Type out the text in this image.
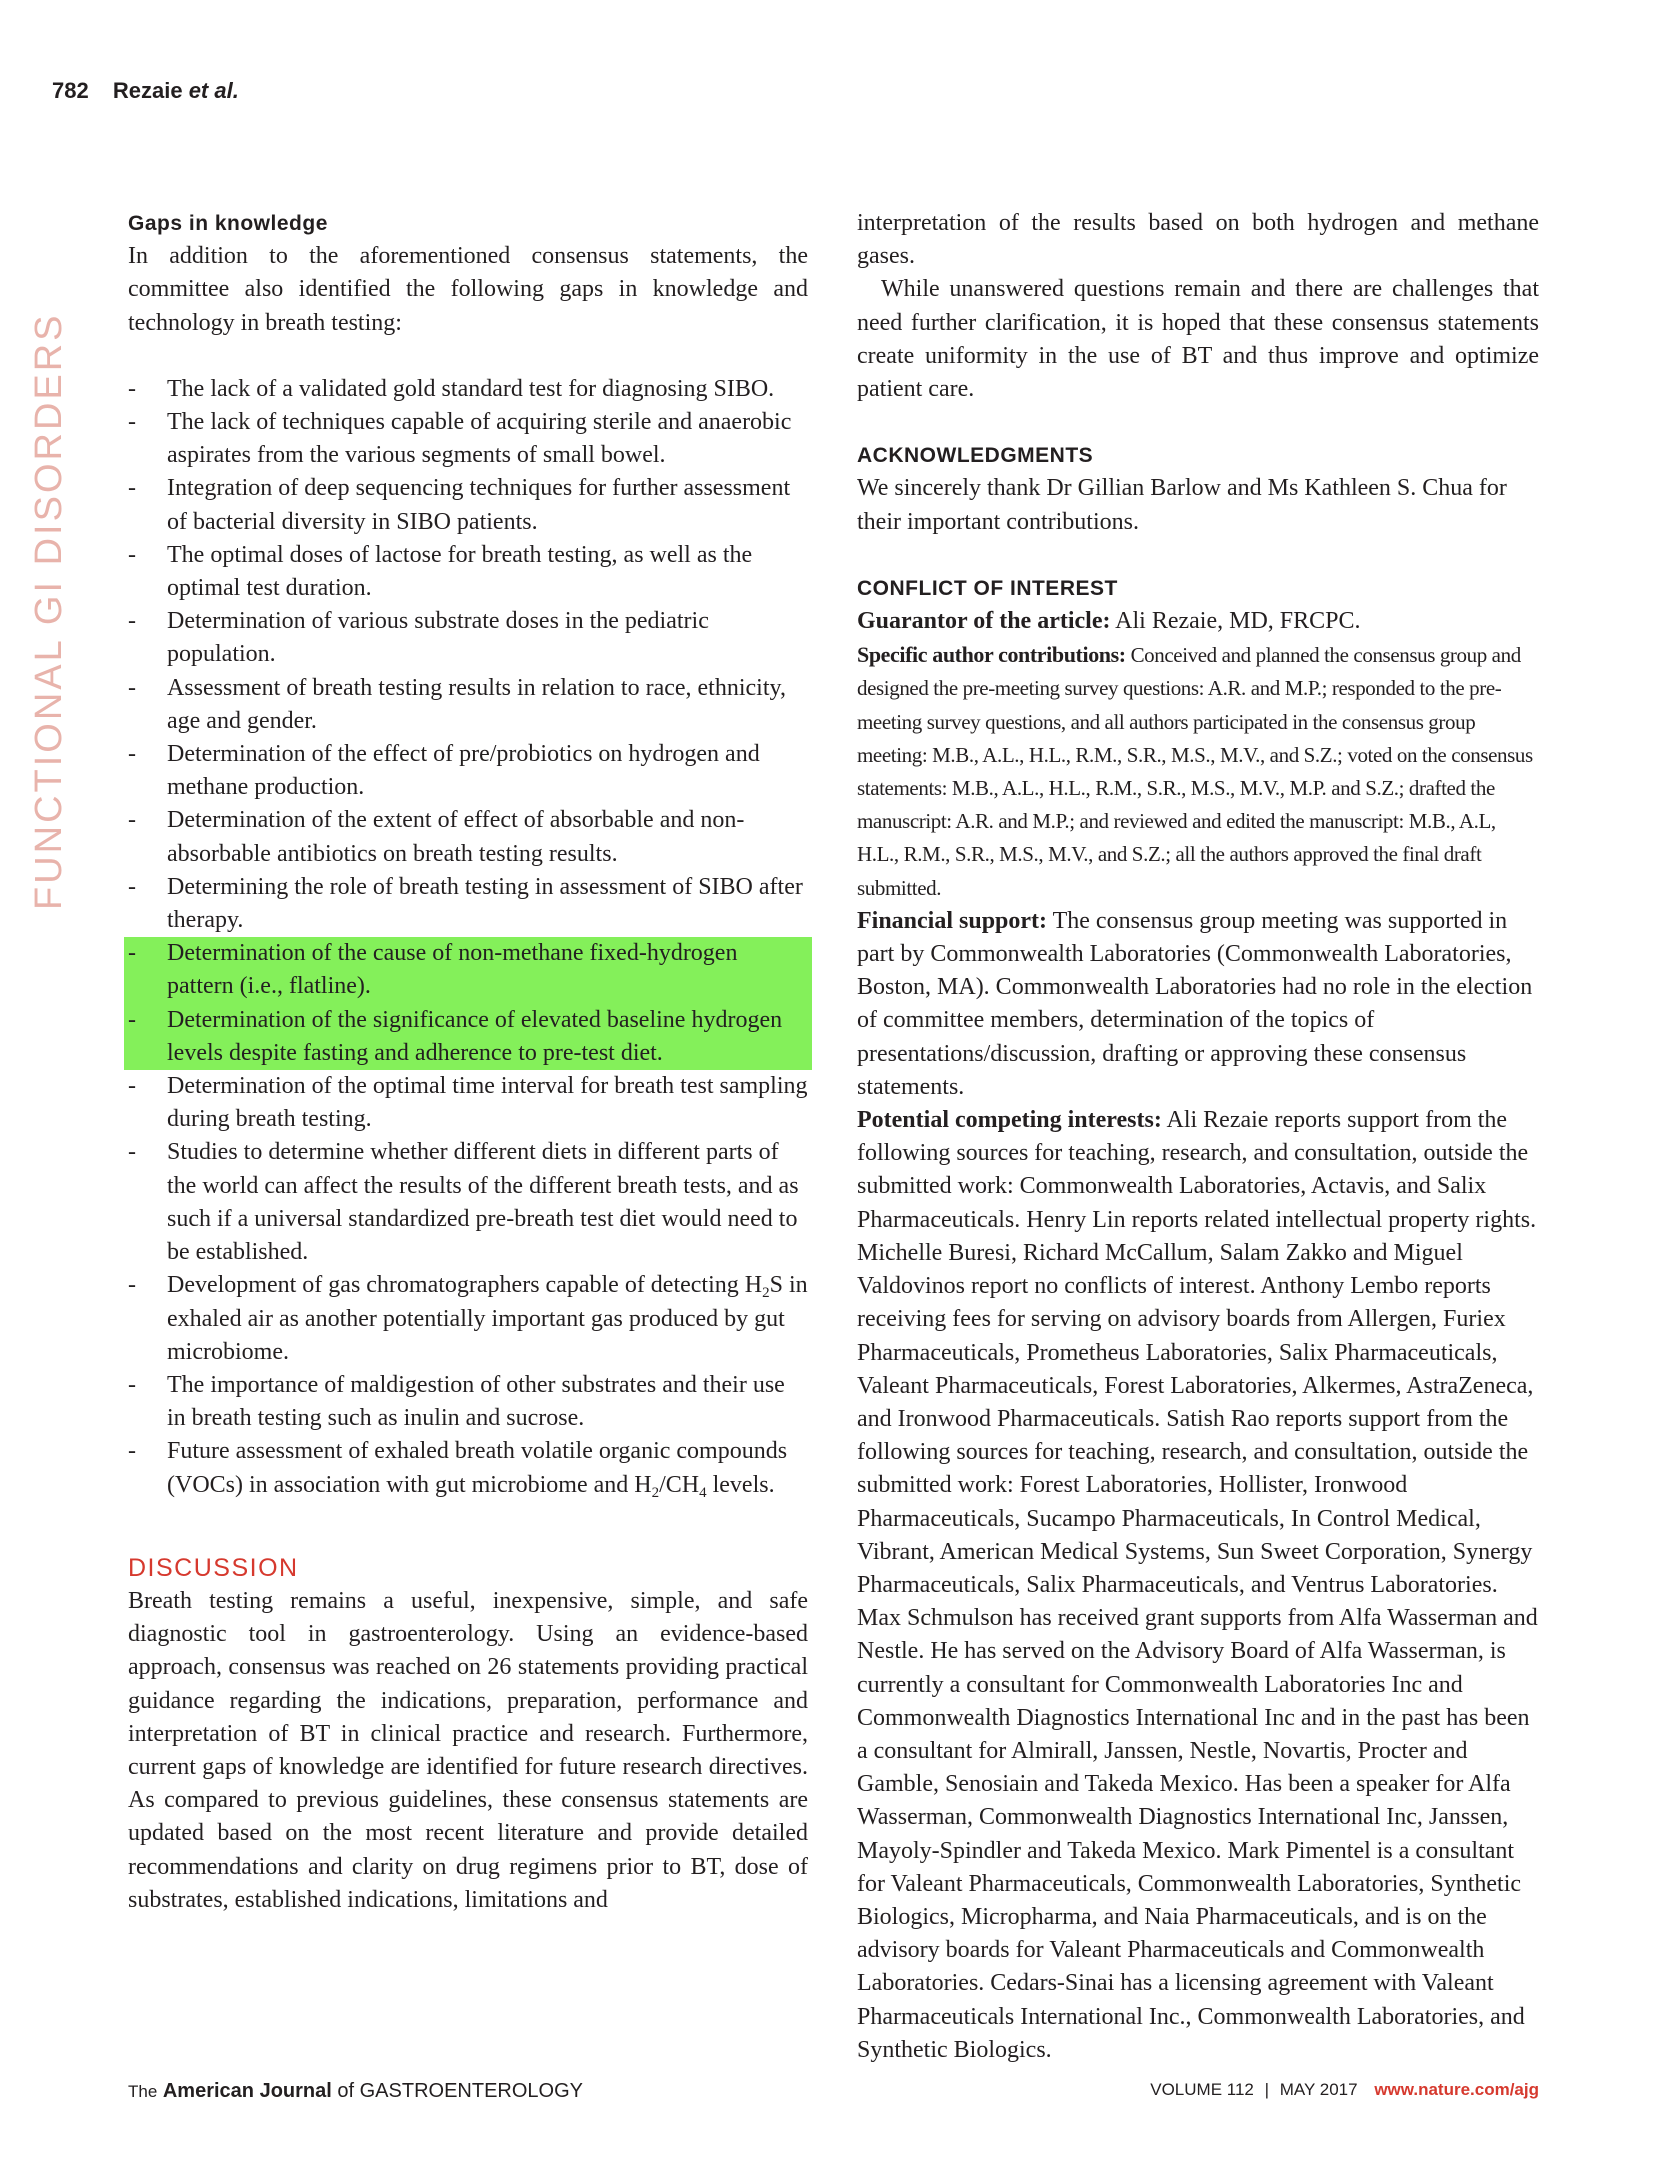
782 Rezaie et al.
FUNCTIONAL GI DISORDERS
Gaps in knowledge

In addition to the aforementioned consensus statements, the committee also identified the following gaps in knowledge and technology in breath testing:

- The lack of a validated gold standard test for diagnosing SIBO.
- The lack of techniques capable of acquiring sterile and anaerobic aspirates from the various segments of small bowel.
- Integration of deep sequencing techniques for further assessment of bacterial diversity in SIBO patients.
- The optimal doses of lactose for breath testing, as well as the optimal test duration.
- Determination of various substrate doses in the pediatric population.
- Assessment of breath testing results in relation to race, ethnicity, age and gender.
- Determination of the effect of pre/probiotics on hydrogen and methane production.
- Determination of the extent of effect of absorbable and non-absorbable antibiotics on breath testing results.
- Determining the role of breath testing in assessment of SIBO after therapy.
- Determination of the cause of non-methane fixed-hydrogen pattern (i.e., flatline).
- Determination of the significance of elevated baseline hydrogen levels despite fasting and adherence to pre-test diet.
- Determination of the optimal time interval for breath test sampling during breath testing.
- Studies to determine whether different diets in different parts of the world can affect the results of the different breath tests, and as such if a universal standardized pre-breath test diet would need to be established.
- Development of gas chromatographers capable of detecting $H_2S$ in exhaled air as another potentially important gas produced by gut microbiome.
- The importance of maldigestion of other substrates and their use in breath testing such as inulin and sucrose.
- Future assessment of exhaled breath volatile organic compounds (VOCs) in association with gut microbiome and $H_2/CH_4$ levels.
DISCUSSION

Breath testing remains a useful, inexpensive, simple, and safe diagnostic tool in gastroenterology. Using an evidence-based approach, consensus was reached on 26 statements providing practical guidance regarding the indications, preparation, performance and interpretation of BT in clinical practice and research. Furthermore, current gaps of knowledge are identified for future research directives. As compared to previous guidelines, these consensus statements are updated based on the most recent literature and provide detailed recommendations and clarity on drug regimens prior to BT, dose of substrates, established indications, limitations and

interpretation of the results based on both hydrogen and methane gases.

While unanswered questions remain and there are challenges that need further clarification, it is hoped that these consensus statements create uniformity in the use of BT and thus improve and optimize patient care.

ACKNOWLEDGMENTS

We sincerely thank Dr Gillian Barlow and Ms Kathleen S. Chua for their important contributions.

CONFLICT OF INTEREST

Guarantor of the article: Ali Rezaie, MD, FRCPC.

Specific author contributions: Conceived and planned the consensus group and designed the pre-meeting survey questions: A.R. and M.P.; responded to the pre-meeting survey questions, and all authors participated in the consensus group meeting: M.B., A.L., H.L., R.M., S.R., M.S., M.V., and S.Z.; voted on the consensus statements: M.B., A.L., H.L., R.M., S.R., M.S., M.V., M.P. and S.Z.; drafted the manuscript: A.R. and M.P.; and reviewed and edited the manuscript: M.B., A.L, H.L., R.M., S.R., M.S., M.V., and S.Z.; all the authors approved the final draft submitted.

Financial support: The consensus group meeting was supported in part by Commonwealth Laboratories (Commonwealth Laboratories, Boston, MA). Commonwealth Laboratories had no role in the election of committee members, determination of the topics of presentations/discussion, drafting or approving these consensus statements.

Potential competing interests: Ali Rezaie reports support from the following sources for teaching, research, and consultation, outside the submitted work: Commonwealth Laboratories, Actavis, and Salix Pharmaceuticals. Henry Lin reports related intellectual property rights. Michelle Buresi, Richard McCallum, Salam Zakko and Miguel Valdovinos report no conflicts of interest. Anthony Lembo reports receiving fees for serving on advisory boards from Allergen, Furiex Pharmaceuticals, Prometheus Laboratories, Salix Pharmaceuticals, Valeant Pharmaceuticals, Forest Laboratories, Alkermes, AstraZeneca, and Ironwood Pharmaceuticals. Satish Rao reports support from the following sources for teaching, research, and consultation, outside the submitted work: Forest Laboratories, Hollister, Ironwood Pharmaceuticals, Sucampo Pharmaceuticals, In Control Medical, Vibrant, American Medical Systems, Sun Sweet Corporation, Synergy Pharmaceuticals, Salix Pharmaceuticals, and Ventrus Laboratories. Max Schmulson has received grant supports from Alfa Wasserman and Nestle. He has served on the Advisory Board of Alfa Wasserman, is currently a consultant for Commonwealth Laboratories Inc and Commonwealth Diagnostics International Inc and in the past has been a consultant for Almirall, Janssen, Nestle, Novartis, Procter and Gamble, Senosiain and Takeda Mexico. Has been a speaker for Alfa Wasserman, Commonwealth Diagnostics International Inc, Janssen, Mayoly-Spindler and Takeda Mexico. Mark Pimentel is a consultant for Valeant Pharmaceuticals, Commonwealth Laboratories, Synthetic Biologics, Micropharma, and Naia Pharmaceuticals, and is on the advisory boards for Valeant Pharmaceuticals and Commonwealth Laboratories. Cedars-Sinai has a licensing agreement with Valeant Pharmaceuticals International Inc., Commonwealth Laboratories, and Synthetic Biologics.

The American Journal of GASTROENTEROLOGY	VOLUME 112 | MAY 2017 www.nature.com/ajg
